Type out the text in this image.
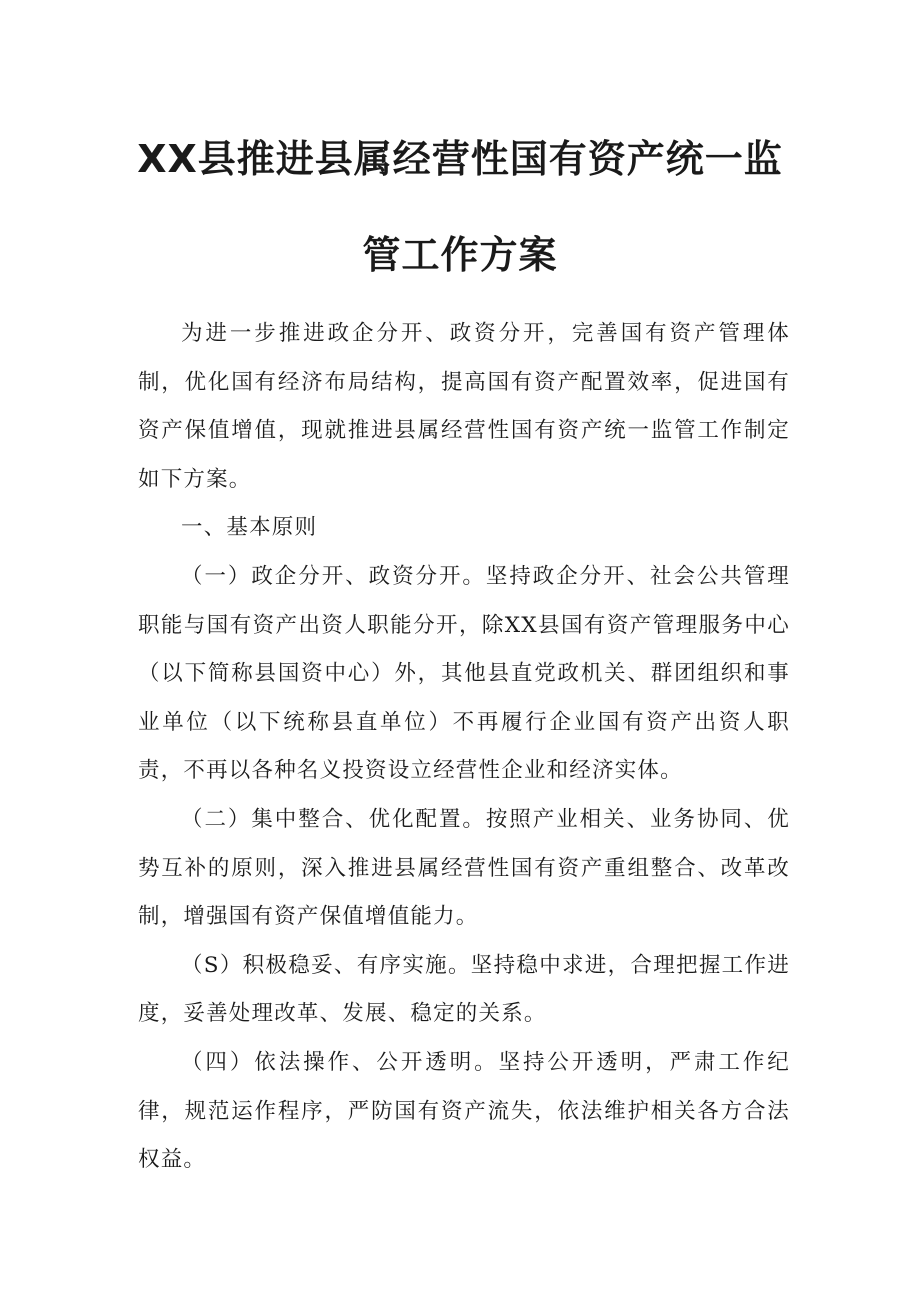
XX县推进县属经营性国有资产统一监
管工作方案

为进一步推进政企分开、政资分开，完善国有资产管理体制，优化国有经济布局结构，提高国有资产配置效率，促进国有资产保值增值，现就推进县属经营性国有资产统一监管工作制定如下方案。

一、基本原则

（一）政企分开、政资分开。坚持政企分开、社会公共管理职能与国有资产出资人职能分开，除XX县国有资产管理服务中心（以下简称县国资中心）外，其他县直党政机关、群团组织和事业单位（以下统称县直单位）不再履行企业国有资产出资人职责，不再以各种名义投资设立经营性企业和经济实体。

（二）集中整合、优化配置。按照产业相关、业务协同、优势互补的原则，深入推进县属经营性国有资产重组整合、改革改制，增强国有资产保值增值能力。

（S）积极稳妥、有序实施。坚持稳中求进，合理把握工作进度，妥善处理改革、发展、稳定的关系。

（四）依法操作、公开透明。坚持公开透明，严肃工作纪律，规范运作程序，严防国有资产流失，依法维护相关各方合法权益。
